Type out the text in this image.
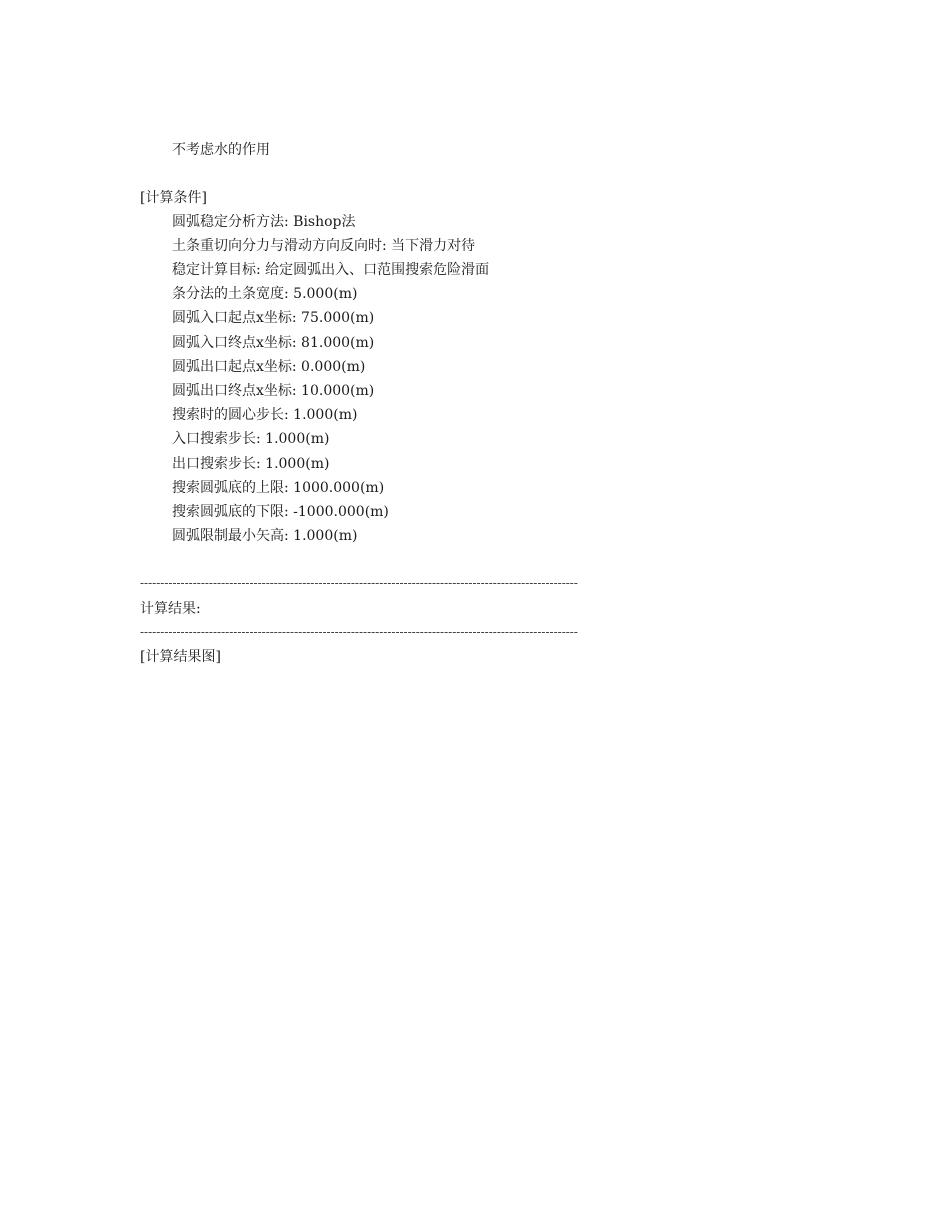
不考虑水的作用
[计算条件]
圆弧稳定分析方法: Bishop法
土条重切向分力与滑动方向反向时: 当下滑力对待
稳定计算目标: 给定圆弧出入、口范围搜索危险滑面
条分法的土条宽度: 5.000(m)
圆弧入口起点x坐标: 75.000(m)
圆弧入口终点x坐标: 81.000(m)
圆弧出口起点x坐标: 0.000(m)
圆弧出口终点x坐标: 10.000(m)
搜索时的圆心步长: 1.000(m)
入口搜索步长: 1.000(m)
出口搜索步长: 1.000(m)
搜索圆弧底的上限: 1000.000(m)
搜索圆弧底的下限: -1000.000(m)
圆弧限制最小矢高: 1.000(m)
------------------------------------------------------------------------------------------------------------
计算结果:
------------------------------------------------------------------------------------------------------------
[计算结果图]
